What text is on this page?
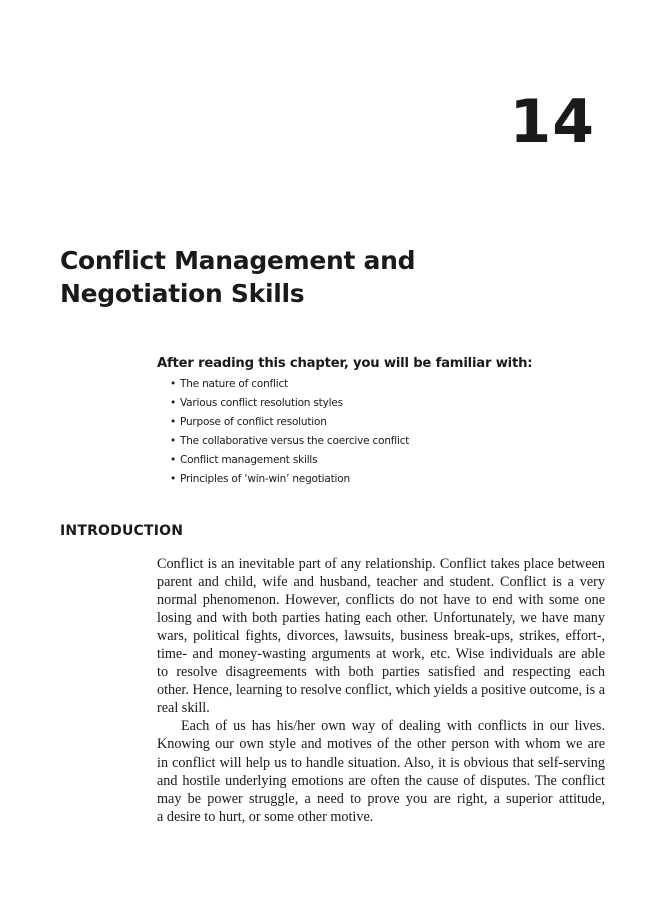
14
Conflict Management and
Negotiation Skills

After reading this chapter, you will be familiar with:

• The nature of conflict
• Various conflict resolution styles
• Purpose of conflict resolution
• The collaborative versus the coercive conflict
• Conflict management skills
• Principles of ‘win-win’ negotiation
INTRODUCTION
Conflict is an inevitable part of any relationship. Conflict takes place between
parent and child, wife and husband, teacher and student. Conflict is a very
normal phenomenon. However, conflicts do not have to end with some one
losing and with both parties hating each other. Unfortunately, we have many
wars, political fights, divorces, lawsuits, business break-ups, strikes, effort-,
time- and money-wasting arguments at work, etc. Wise individuals are able
to resolve disagreements with both parties satisfied and respecting each
other. Hence, learning to resolve conflict, which yields a positive outcome, is a
real skill.
Each of us has his/her own way of dealing with conflicts in our lives.
Knowing our own style and motives of the other person with whom we are
in conflict will help us to handle situation. Also, it is obvious that self-serving
and hostile underlying emotions are often the cause of disputes. The conflict
may be power struggle, a need to prove you are right, a superior attitude,
a desire to hurt, or some other motive.
